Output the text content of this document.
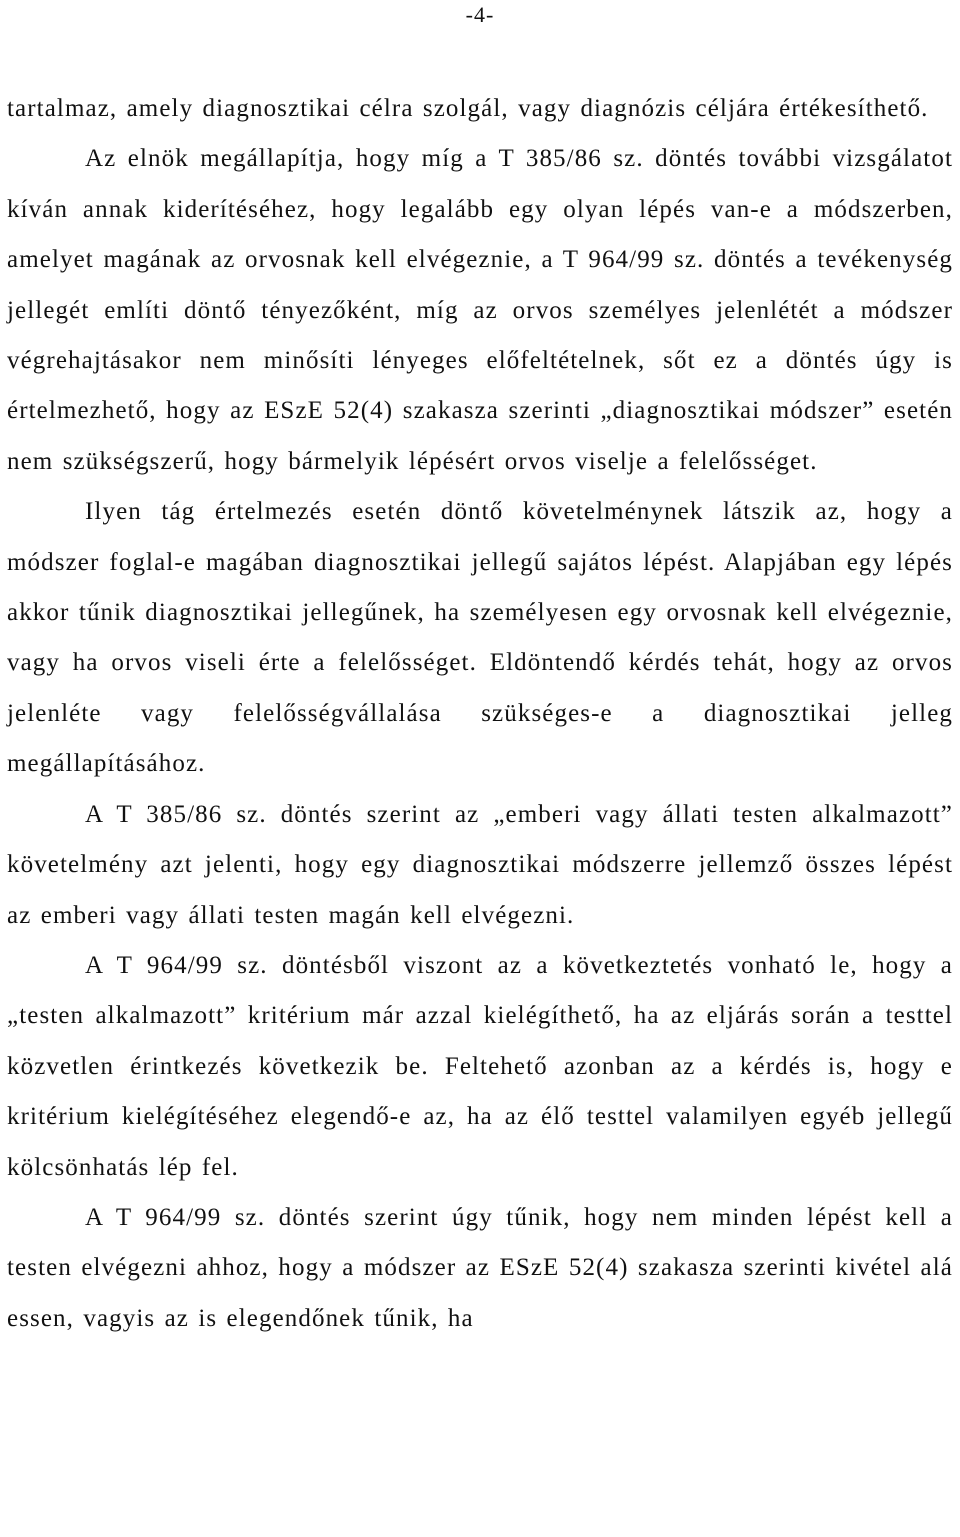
-4-

tartalmaz, amely diagnosztikai célra szolgál, vagy diagnózis céljára értékesíthető.

Az elnök megállapítja, hogy míg a T 385/86 sz. döntés további vizsgálatot kíván annak kiderítéséhez, hogy legalább egy olyan lépés van-e a módszerben, amelyet magának az orvosnak kell elvégeznie, a T 964/99 sz. döntés a tevékenység jellegét említi döntő tényezőként, míg az orvos személyes jelenlétét a módszer végrehajtásakor nem minősíti lényeges előfeltételnek, sőt ez a döntés úgy is értelmezhető, hogy az ESzE 52(4) szakasza szerinti „diagnosztikai módszer” esetén nem szükségszerű, hogy bármelyik lépésért orvos viselje a felelősséget.

Ilyen tág értelmezés esetén döntő követelménynek látszik az, hogy a módszer foglal-e magában diagnosztikai jellegű sajátos lépést. Alapjában egy lépés akkor tűnik diagnosztikai jellegűnek, ha személyesen egy orvosnak kell elvégeznie, vagy ha orvos viseli érte a felelősséget. Eldöntendő kérdés tehát, hogy az orvos jelenléte vagy felelősségvállalása szükséges-e a diagnosztikai jelleg megállapításához.

A T 385/86 sz. döntés szerint az „emberi vagy állati testen alkalmazott” követelmény azt jelenti, hogy egy diagnosztikai módszerre jellemző összes lépést az emberi vagy állati testen magán kell elvégezni.

A T 964/99 sz. döntésből viszont az a következtetés vonható le, hogy a „testen alkalmazott” kritérium már azzal kielégíthető, ha az eljárás során a testtel közvetlen érintkezés következik be. Feltehető azonban az a kérdés is, hogy e kritérium kielégítéséhez elegendő-e az, ha az élő testtel valamilyen egyéb jellegű kölcsönhatás lép fel.

A T 964/99 sz. döntés szerint úgy tűnik, hogy nem minden lépést kell a testen elvégezni ahhoz, hogy a módszer az ESzE 52(4) szakasza szerinti kivétel alá essen, vagyis az is elegendőnek tűnik, ha
